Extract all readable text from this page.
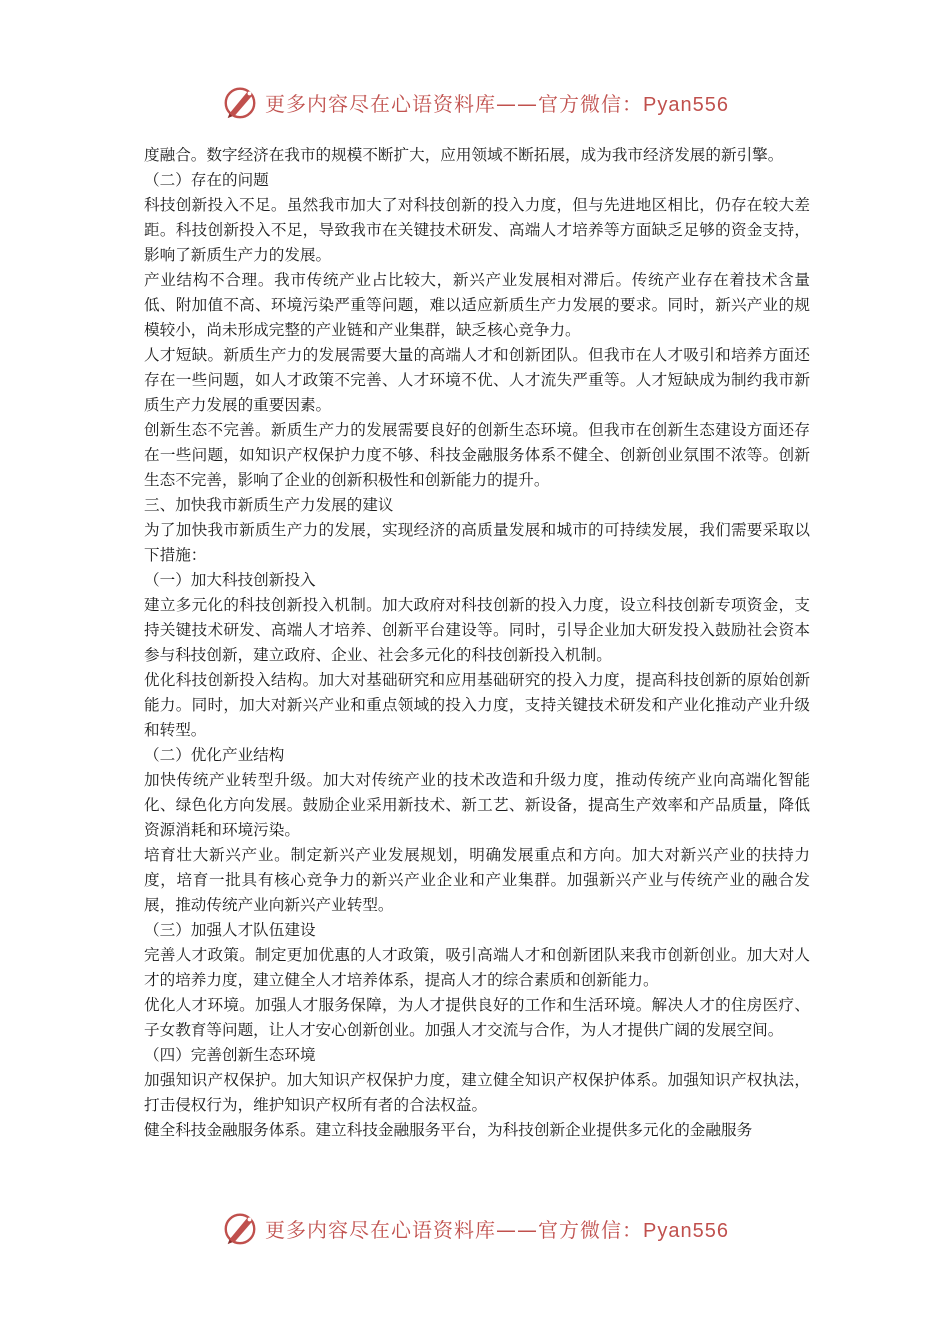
更多内容尽在心语资料库——官方微信：Pyan556

度融合。数字经济在我市的规模不断扩大，应用领域不断拓展，成为我市经济发展的新引擎。

（二）存在的问题

科技创新投入不足。虽然我市加大了对科技创新的投入力度，但与先进地区相比，仍存在较大差距。科技创新投入不足，导致我市在关键技术研发、高端人才培养等方面缺乏足够的资金支持，影响了新质生产力的发展。

产业结构不合理。我市传统产业占比较大，新兴产业发展相对滞后。传统产业存在着技术含量低、附加值不高、环境污染严重等问题，难以适应新质生产力发展的要求。同时，新兴产业的规模较小，尚未形成完整的产业链和产业集群，缺乏核心竞争力。

人才短缺。新质生产力的发展需要大量的高端人才和创新团队。但我市在人才吸引和培养方面还存在一些问题，如人才政策不完善、人才环境不优、人才流失严重等。人才短缺成为制约我市新质生产力发展的重要因素。

创新生态不完善。新质生产力的发展需要良好的创新生态环境。但我市在创新生态建设方面还存在一些问题，如知识产权保护力度不够、科技金融服务体系不健全、创新创业氛围不浓等。创新生态不完善，影响了企业的创新积极性和创新能力的提升。

三、加快我市新质生产力发展的建议

为了加快我市新质生产力的发展，实现经济的高质量发展和城市的可持续发展，我们需要采取以下措施：

（一）加大科技创新投入

建立多元化的科技创新投入机制。加大政府对科技创新的投入力度，设立科技创新专项资金，支持关键技术研发、高端人才培养、创新平台建设等。同时，引导企业加大研发投入鼓励社会资本参与科技创新，建立政府、企业、社会多元化的科技创新投入机制。

优化科技创新投入结构。加大对基础研究和应用基础研究的投入力度，提高科技创新的原始创新能力。同时，加大对新兴产业和重点领域的投入力度，支持关键技术研发和产业化推动产业升级和转型。

（二）优化产业结构

加快传统产业转型升级。加大对传统产业的技术改造和升级力度，推动传统产业向高端化智能化、绿色化方向发展。鼓励企业采用新技术、新工艺、新设备，提高生产效率和产品质量，降低资源消耗和环境污染。

培育壮大新兴产业。制定新兴产业发展规划，明确发展重点和方向。加大对新兴产业的扶持力度，培育一批具有核心竞争力的新兴产业企业和产业集群。加强新兴产业与传统产业的融合发展，推动传统产业向新兴产业转型。

（三）加强人才队伍建设

完善人才政策。制定更加优惠的人才政策，吸引高端人才和创新团队来我市创新创业。加大对人才的培养力度，建立健全人才培养体系，提高人才的综合素质和创新能力。

优化人才环境。加强人才服务保障，为人才提供良好的工作和生活环境。解决人才的住房医疗、子女教育等问题，让人才安心创新创业。加强人才交流与合作，为人才提供广阔的发展空间。

（四）完善创新生态环境

加强知识产权保护。加大知识产权保护力度，建立健全知识产权保护体系。加强知识产权执法，打击侵权行为，维护知识产权所有者的合法权益。

健全科技金融服务体系。建立科技金融服务平台，为科技创新企业提供多元化的金融服务

更多内容尽在心语资料库——官方微信：Pyan556
